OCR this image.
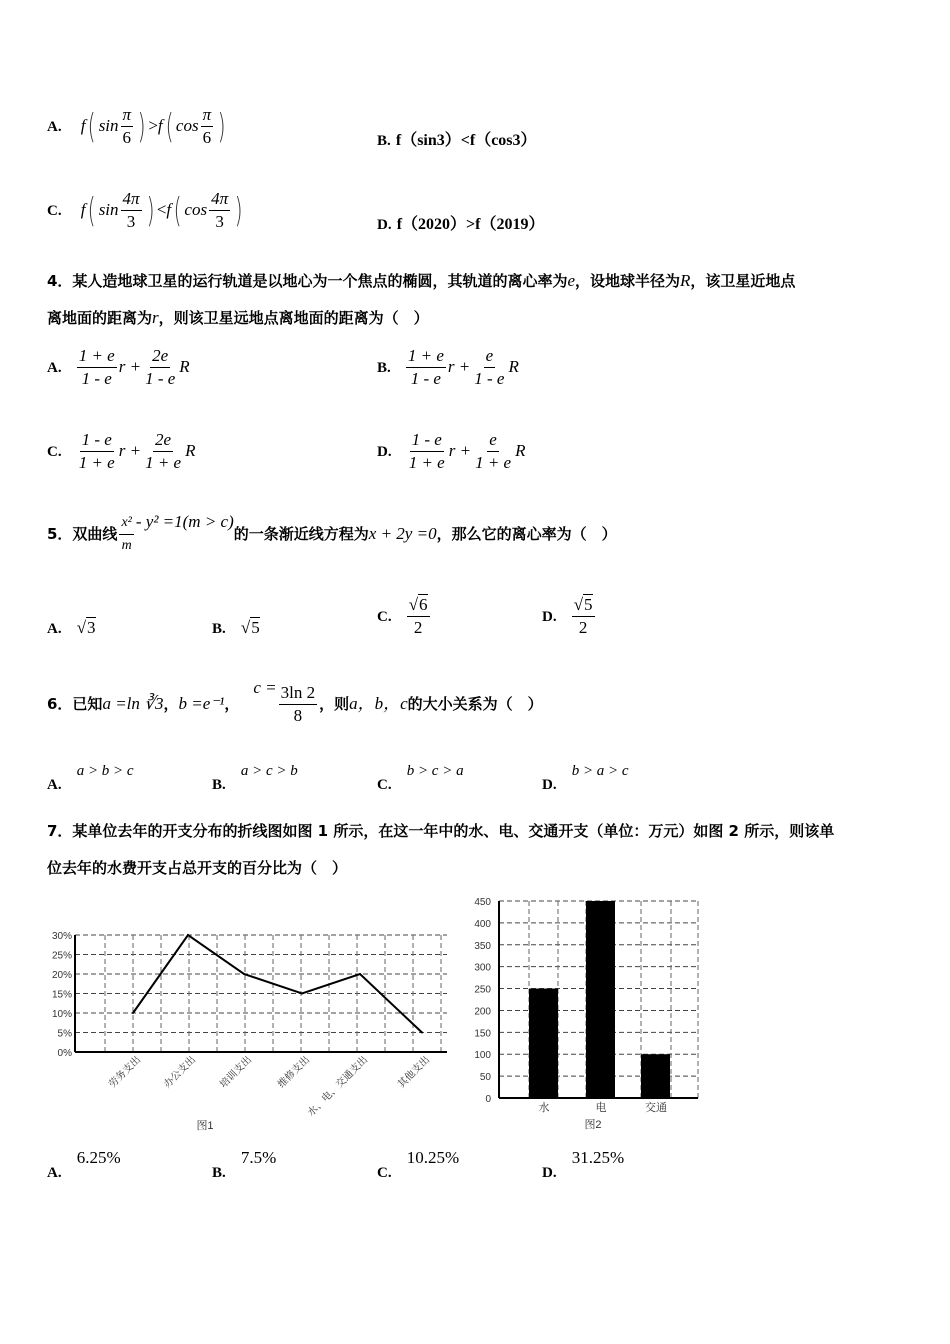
A. f( $\sin \frac{\pi}{6}$ ) >f( $\cos \frac{\pi}{6}$ )	B. f（sin3）<f（cos3）
C. f( $\sin \frac{4\pi}{3}$ ) <f( $\cos \frac{4\pi}{3}$ )	D. f（2020）>f（2019）
4．某人造地球卫星的运行轨道是以地心为一个焦点的椭圆，其轨道的离心率为e，设地球半径为R，该卫星近地点
离地面的距离为r，则该卫星远地点离地面的距离为（　）
5．双曲线 $\frac{\text{x²}}{m} - y^2 =1(m > c)$的一条渐近线方程为x + 2y =0，那么它的离心率为（　）
6．已知a =ln ∛3，b =e⁻¹，$c = \frac{3\ln 2}{8}$ ，则a，b，c的大小关系为（　）
7．某单位去年的开支分布的折线图如图 1 所示，在这一年中的水、电、交通开支（单位：万元）如图 2 所示，则该单
位去年的水费开支占总开支的百分比为（　）
0%
5%
10%
15%
20%
25%
30%
劳务支出 办公支出 培训支出 维修支出
水、电、交通支出	其他支出
图1
0
50
100
150
200
250
300
350
400
450
水	电	交通
图2
A. $\frac{1 + e}{1 - e}$ $r + \frac{2e}{1 - e}$ R	B. $\frac{1 + e}{1 - e}$ $r + \frac{e}{1 - e}$ R
C. $\frac{1 - e}{1 + e}$ $r + \frac{2e}{1 + e}$ R	D. $\frac{1 - e}{1 + e}$ $r + \frac{e}{1 + e}$ R
A. √3	B. √5
C. $\frac{√6}{2}$	D. $\frac{√5}{2}$
A. a > b > c
B. a > c > b
C. b > c > a
D. b > a > c
A. 6.25%
B. 7.5%
C. 10.25%
D. 31.25%
